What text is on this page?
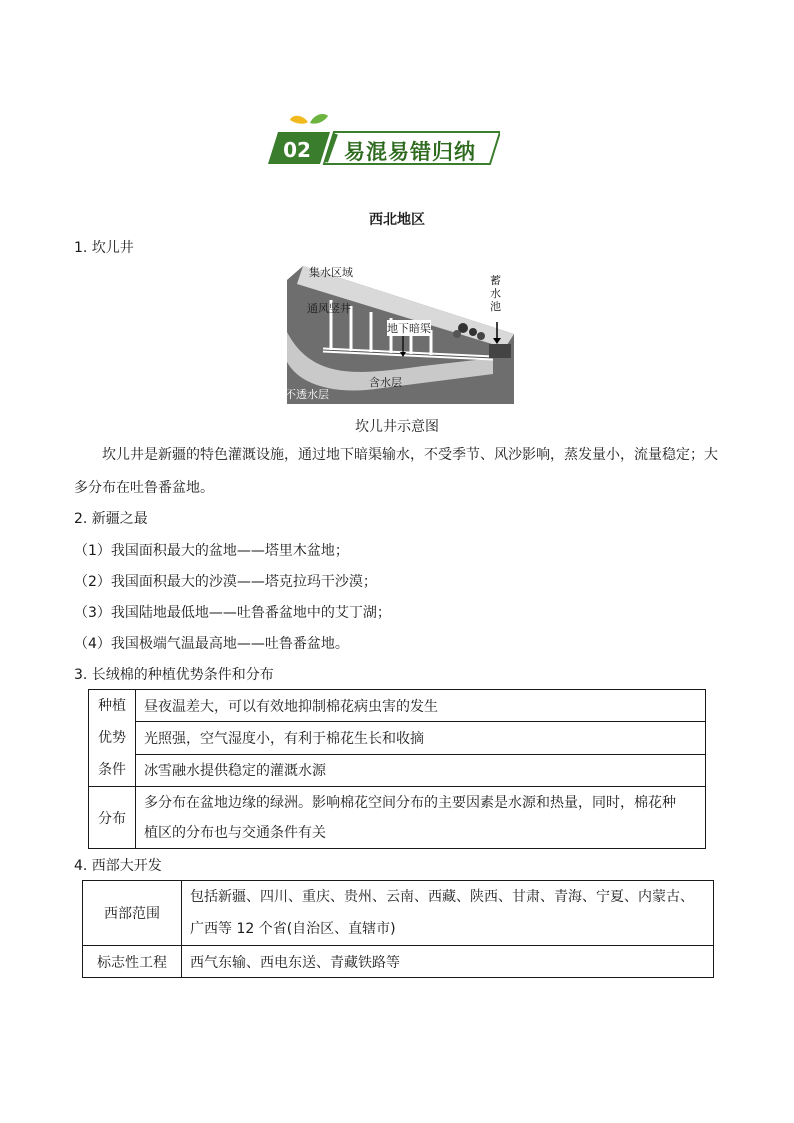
02	易混易错归纳
西北地区
1. 坎儿井
集水区域
通风竖井
地下暗渠
蓄水池
含水层
不透水层
坎儿井示意图
坎儿井是新疆的特色灌溉设施，通过地下暗渠输水，不受季节、风沙影响，蒸发量小，流量稳定；大
多分布在吐鲁番盆地。
2. 新疆之最
（1）我国面积最大的盆地——塔里木盆地；
（2）我国面积最大的沙漠——塔克拉玛干沙漠；
（3）我国陆地最低地——吐鲁番盆地中的艾丁湖；
（4）我国极端气温最高地——吐鲁番盆地。
3. 长绒棉的种植优势条件和分布
种植
优势
条件	昼夜温差大，可以有效地抑制棉花病虫害的发生
	光照强，空气湿度小，有利于棉花生长和收摘
	冰雪融水提供稳定的灌溉水源
分布	多分布在盆地边缘的绿洲。影响棉花空间分布的主要因素是水源和热量，同时，棉花种
植区的分布也与交通条件有关
4. 西部大开发
西部范围	包括新疆、四川、重庆、贵州、云南、西藏、陕西、甘肃、青海、宁夏、内蒙古、
广西等 12 个省(自治区、直辖市)

标志性工程	西气东输、西电东送、青藏铁路等
